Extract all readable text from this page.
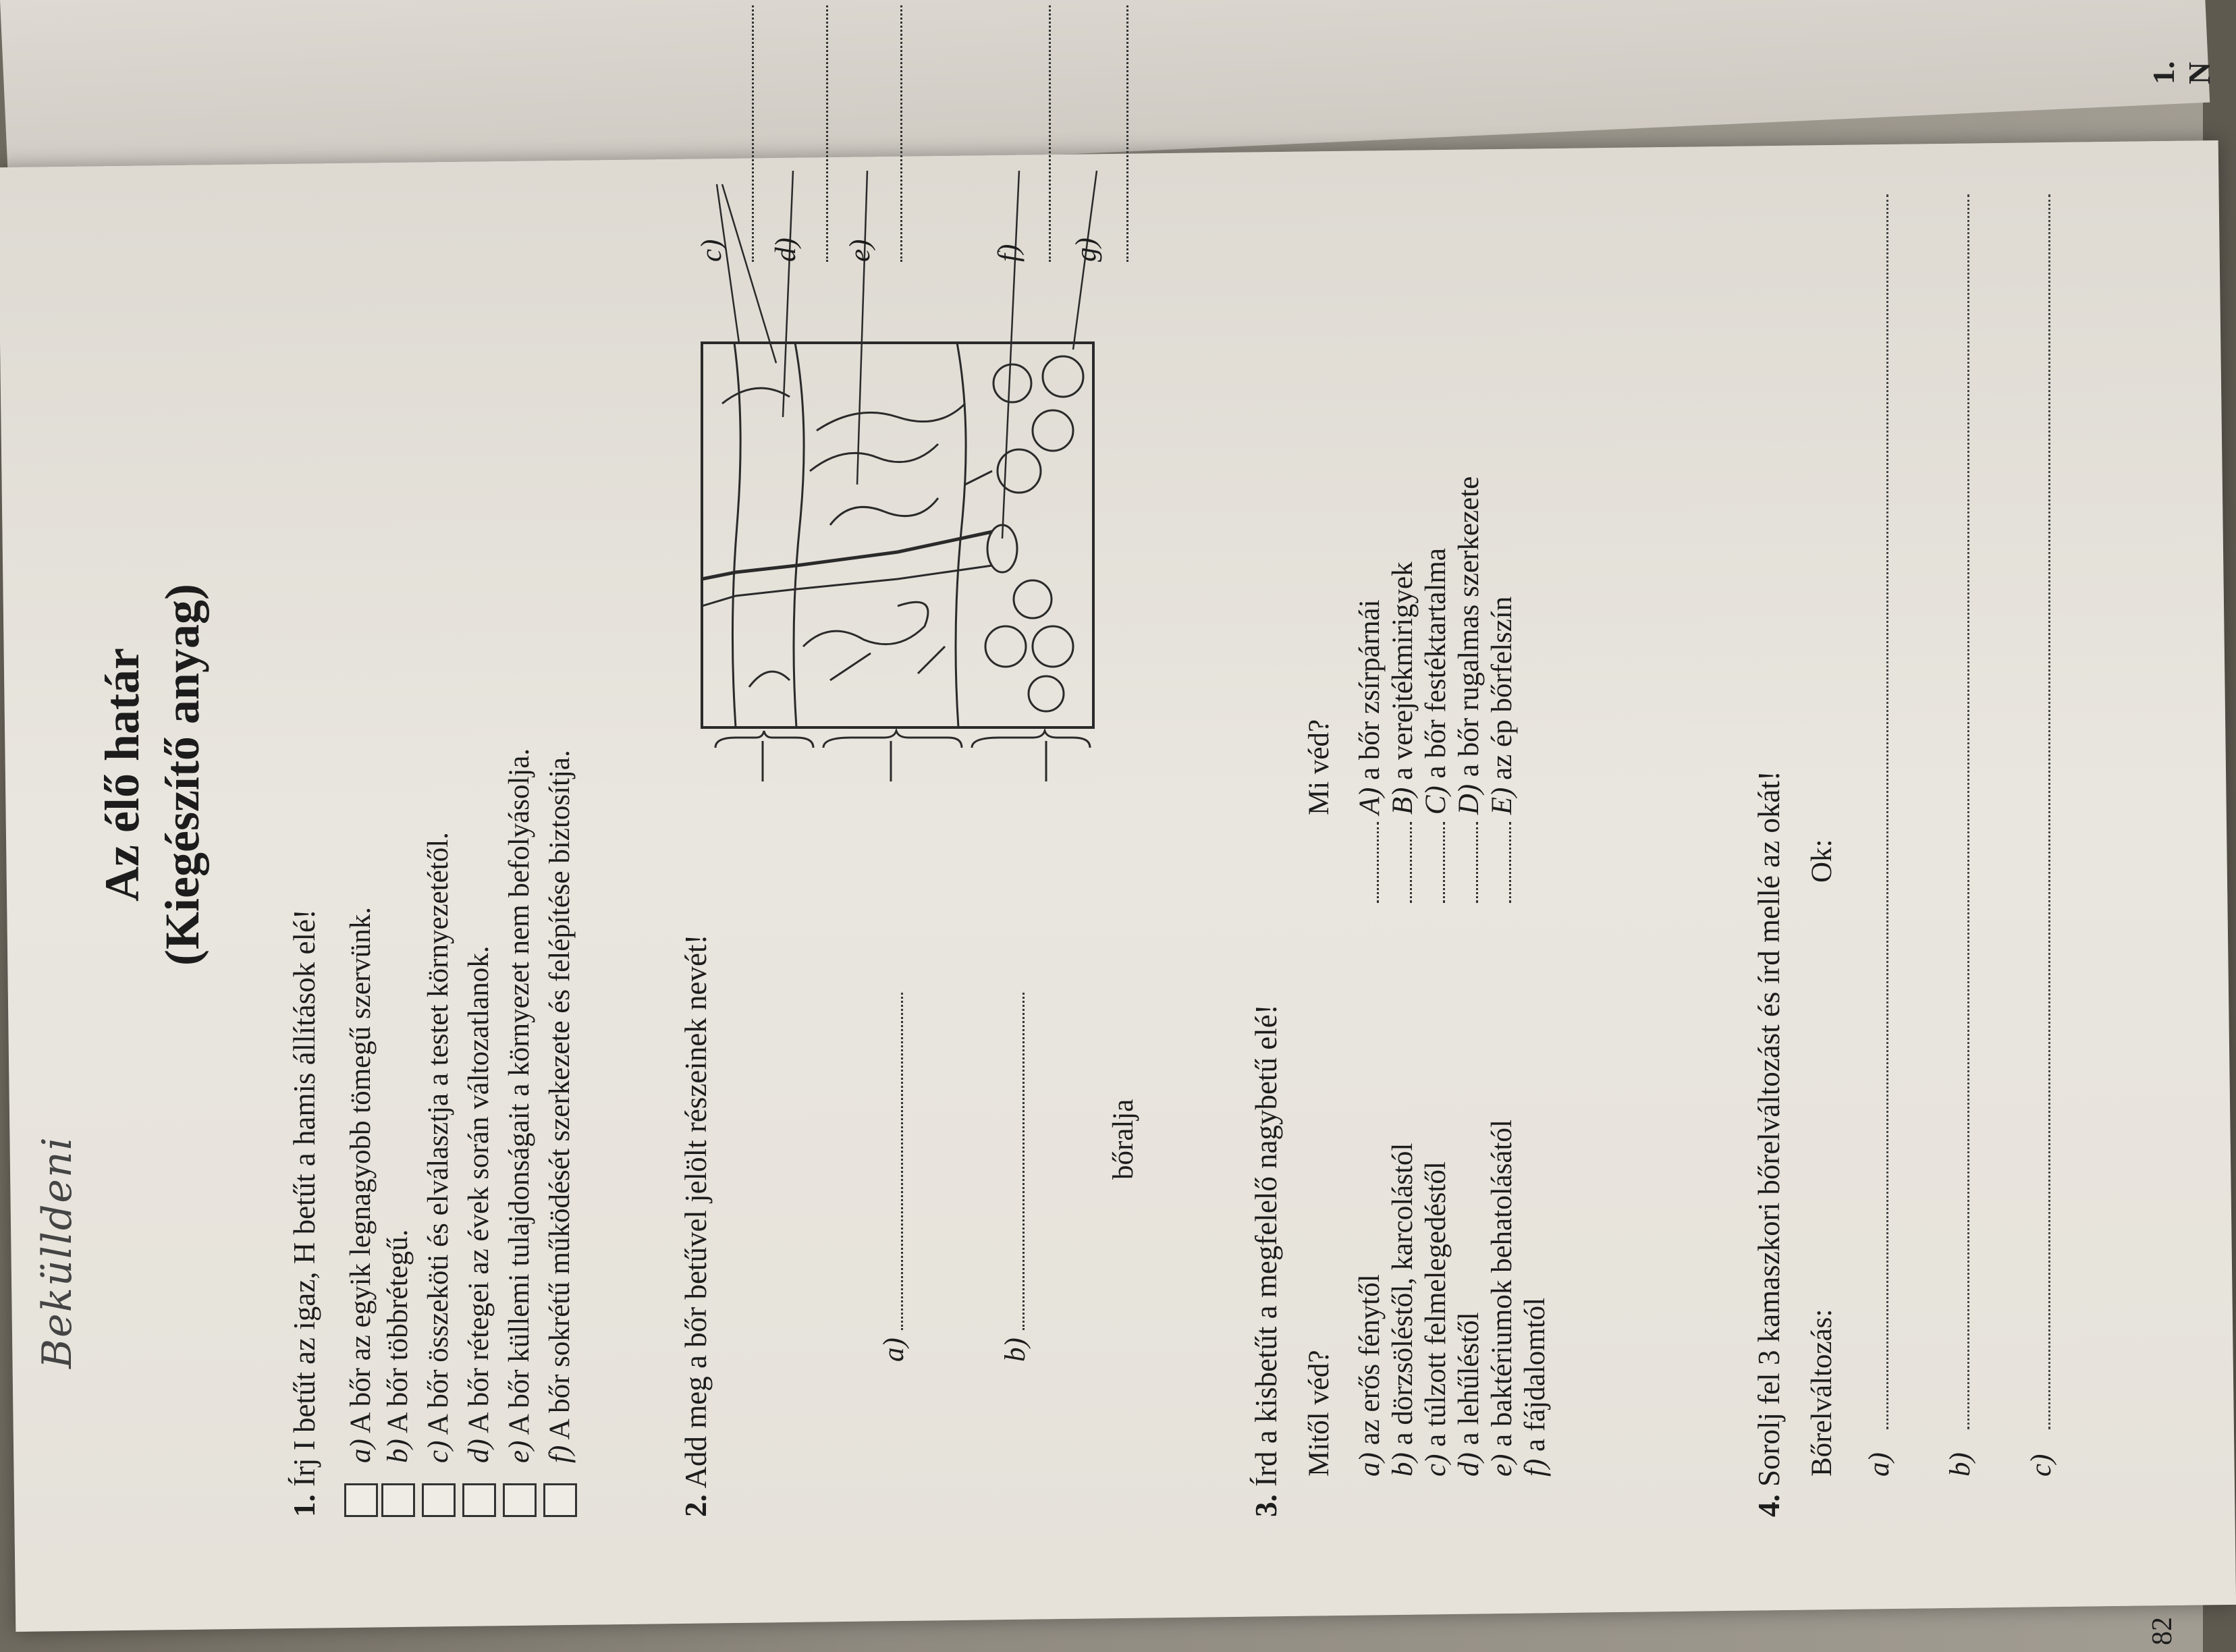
1. N
Bekülldeni
Az élő határ (Kiegészítő anyag)
1. Írj I betűt az igaz, H betűt a hamis állítások elé! a) A bőr az egyik legnagyobb tömegű szervünk.
b) A bőr többrétegű.
c) A bőr összeköti és elválasztja a testet környezetétől.
d) A bőr rétegei az évek során változatlanok.
e) A bőr küllemi tulajdonságait a környezet nem befolyásolja.
f) A bőr sokrétű működését szerkezete és felépítése biztosítja.
2. Add meg a bőr betűvel jelölt részeinek nevét!	a)	b)
bőralja
c)	d)	e)	f)	g)
3. Írd a kisbetűt a megfelelő nagybetű elé! Mitől véd?
Mi véd?
a) az erős fénytől
b) a dörzsöléstől, karcolástól
c) a túlzott felmelegedéstől
d) a lehűléstől
e) a baktériumok behatolásától
f) a fájdalomtól
A) a bőr zsírpárnái
B) a verejtékmirigyek
C) a bőr festéktartalma
D) a bőr rugalmas szerkezete
E) az ép bőrfelszín
4. Sorolj fel 3 kamaszkori bőrelváltozást és írd mellé az okát! Bőrelváltozás:
Ok:
a) b) c)
82
